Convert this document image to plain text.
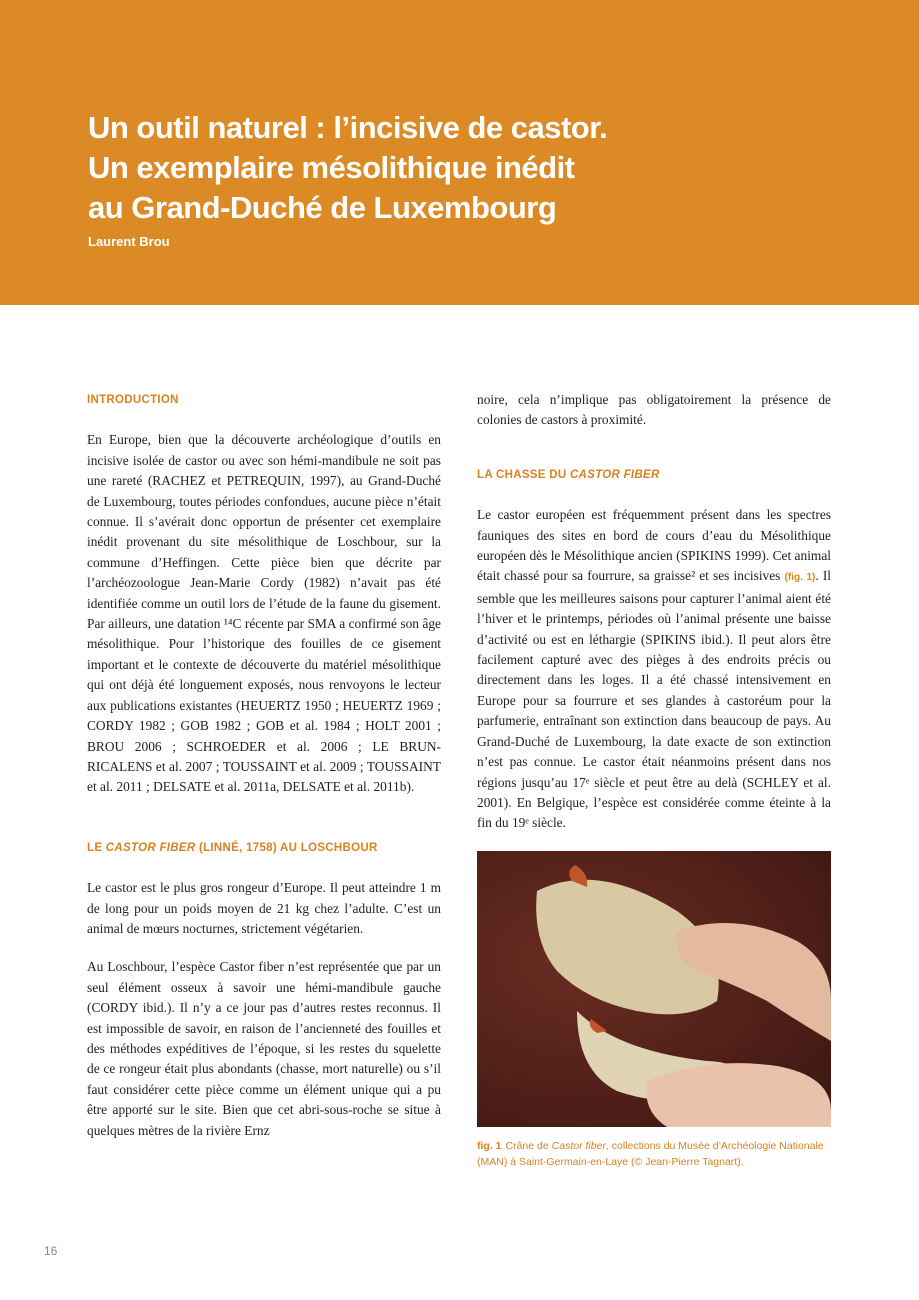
Un outil naturel : l’incisive de castor.
Un exemplaire mésolithique inédit
au Grand-Duché de Luxembourg
Laurent Brou
INTRODUCTION

En Europe, bien que la découverte archéologique d’outils en incisive isolée de castor ou avec son hémi-mandibule ne soit pas une rareté (RACHEZ et PETREQUIN, 1997), au Grand-Duché de Luxembourg, toutes périodes confondues, aucune pièce n’était connue. Il s’avérait donc opportun de présenter cet exemplaire inédit provenant du site mésolithique de Loschbour, sur la commune d’Heffingen. Cette pièce bien que décrite par l’archéozoologue Jean-Marie Cordy (1982) n’avait pas été identifiée comme un outil lors de l’étude de la faune du gisement. Par ailleurs, une datation ¹⁴C récente par SMA a confirmé son âge mésolithique. Pour l’historique des fouilles de ce gisement important et le contexte de découverte du matériel mésolithique qui ont déjà été longuement exposés, nous renvoyons le lecteur aux publications existantes (HEUERTZ 1950 ; HEUERTZ 1969 ; CORDY 1982 ; GOB 1982 ; GOB et al. 1984 ; HOLT 2001 ; BROU 2006 ; SCHROEDER et al. 2006 ; LE BRUN-RICALENS et al. 2007 ; TOUSSAINT et al. 2009 ; TOUSSAINT et al. 2011 ; DELSATE et al. 2011a, DELSATE et al. 2011b).

LE CASTOR FIBER (LINNÉ, 1758) AU LOSCHBOUR

Le castor est le plus gros rongeur d’Europe. Il peut atteindre 1 m de long pour un poids moyen de 21 kg chez l’adulte. C’est un animal de mœurs nocturnes, strictement végétarien.

Au Loschbour, l’espèce Castor fiber n’est représentée que par un seul élément osseux à savoir une hémi-mandibule gauche (CORDY ibid.). Il n’y a ce jour pas d’autres restes reconnus. Il est impossible de savoir, en raison de l’ancienneté des fouilles et des méthodes expéditives de l’époque, si les restes du squelette de ce rongeur était plus abondants (chasse, mort naturelle) ou s’il faut considérer cette pièce comme un élément unique qui a pu être apporté sur le site. Bien que cet abri-sous-roche se situe à quelques mètres de la rivière Ernz

noire, cela n’implique pas obligatoirement la présence de colonies de castors à proximité.

LA CHASSE DU CASTOR FIBER

Le castor européen est fréquemment présent dans les spectres fauniques des sites en bord de cours d’eau du Mésolithique européen dès le Mésolithique ancien (SPIKINS 1999). Cet animal était chassé pour sa fourrure, sa graisse² et ses incisives (fig. 1). Il semble que les meilleures saisons pour capturer l’animal aient été l’hiver et le printemps, périodes où l’animal présente une baisse d’activité ou est en léthargie (SPIKINS ibid.). Il peut alors être facilement capturé avec des pièges à des endroits précis ou directement dans les loges. Il a été chassé intensivement en Europe pour sa fourrure et ses glandes à castoréum pour la parfumerie, entraînant son extinction dans beaucoup de pays. Au Grand-Duché de Luxembourg, la date exacte de son extinction n’est pas connue. Le castor était néanmoins présent dans nos régions jusqu’au 17ᵉ siècle et peut être au delà (SCHLEY et al. 2001). En Belgique, l’espèce est considérée comme éteinte à la fin du 19ᵉ siècle.

fig. 1 Crâne de Castor fiber, collections du Musée d’Archéologie Nationale (MAN) à Saint-Germain-en-Laye (© Jean-Pierre Tagnart).
16
